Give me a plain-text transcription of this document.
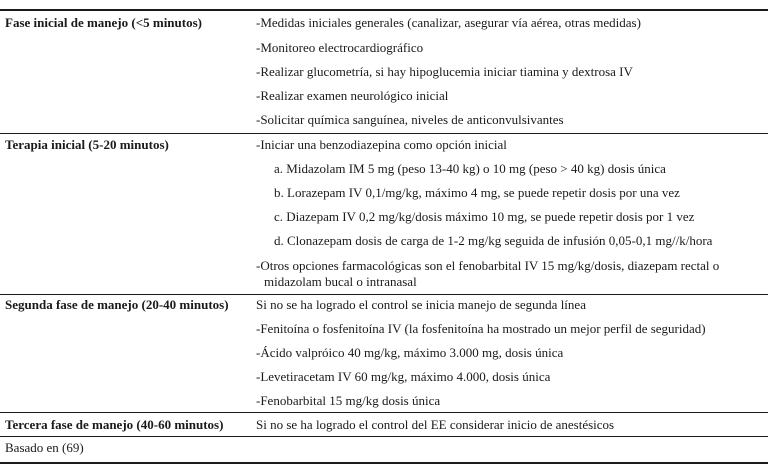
Fase inicial de manejo (<5 minutos)	-Medidas iniciales generales (canalizar, asegurar vía aérea, otras medidas)
-Monitoreo electrocardiográfico
-Realizar glucometría, si hay hipoglucemia iniciar tiamina y dextrosa IV
-Realizar examen neurológico inicial
-Solicitar química sanguínea, niveles de anticonvulsivantes
Terapia inicial (5-20 minutos)	-Iniciar una benzodiazepina como opción inicial
a. Midazolam IM 5 mg (peso 13-40 kg) o 10 mg (peso > 40 kg) dosis única
b. Lorazepam IV 0,1/mg/kg, máximo 4 mg, se puede repetir dosis por una vez
c. Diazepam IV 0,2 mg/kg/dosis máximo 10 mg, se puede repetir dosis por 1 vez
d. Clonazepam dosis de carga de 1-2 mg/kg seguida de infusión 0,05-0,1 mg//k/hora
-Otros opciones farmacológicas son el fenobarbital IV 15 mg/kg/dosis, diazepam rectal o
midazolam bucal o intranasal
Segunda fase de manejo (20-40 minutos) Si no se ha logrado el control se inicia manejo de segunda línea
-Fenitoína o fosfenitoína IV (la fosfenitoína ha mostrado un mejor perfil de seguridad)
-Ácido valpróico 40 mg/kg, máximo 3.000 mg, dosis única
-Levetiracetam IV 60 mg/kg, máximo 4.000, dosis única
-Fenobarbital 15 mg/kg dosis única
Tercera fase de manejo (40-60 minutos)	Si no se ha logrado el control del EE considerar inicio de anestésicos
Basado en (69)
